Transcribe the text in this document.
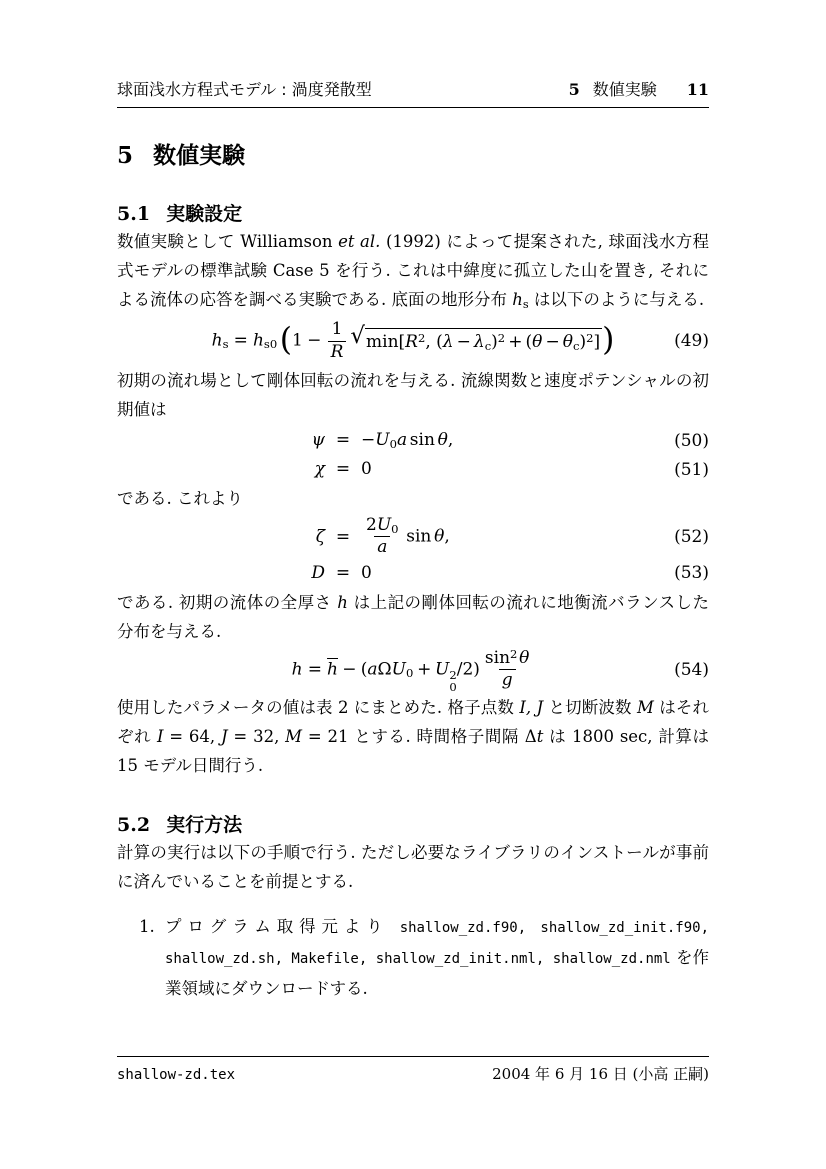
球面浅水方程式モデル : 渦度発散型	5 数値実験 11
5 数値実験
5.1 実験設定

数値実験として Williamson et al. (1992) によって提案された, 球面浅水方程式モデルの標準試験 Case 5 を行う. これは中緯度に孤立した山を置き, それによる流体の応答を調べる実験である. 底面の地形分布 $h_s$ は以下のように与える.

$h_s = h_{s0}(1 - \frac{1}{R}$ √ $\min[R^2$, $(\lambda - \lambda_c)^2 + (\theta - \theta_c)^2$] )	(49)

初期の流れ場として剛体回転の流れを与える. 流線関数と速度ポテンシャルの初期値は

$\psi = -U_0a$ sin θ,	(50)
χ = 0	(51)

である. これより

$\zeta = \frac{2U_0}{a}$ sin θ,	(52)
D = 0	(53)

である. 初期の流体の全厚さ h は上記の剛体回転の流れに地衡流バランスした分布を与える.

$h = \overline{h} - (a\Omega U_0 + U$ 2
0
$/2) \frac{\sin^2\theta}{g}$	(54)

使用したパラメータの値は表 2 にまとめた. 格子点数 I, J と切断波数 M はそれぞれ I = 64, J = 32, M = 21 とする. 時間格子間隔 Δt は 1800 sec, 計算は 15 モデル日間行う.

5.2 実行方法

計算の実行は以下の手順で行う. ただし必要なライブラリのインストールが事前に済んでいることを前提とする.

1. プログラム取得元より shallow_zd.f90, shallow_zd_init.f90, shallow_zd.sh, Makefile, shallow_zd_init.nml, shallow_zd.nml を作業領域にダウンロードする.
shallow-zd.tex	2004 年 6 月 16 日 (小高 正嗣)
